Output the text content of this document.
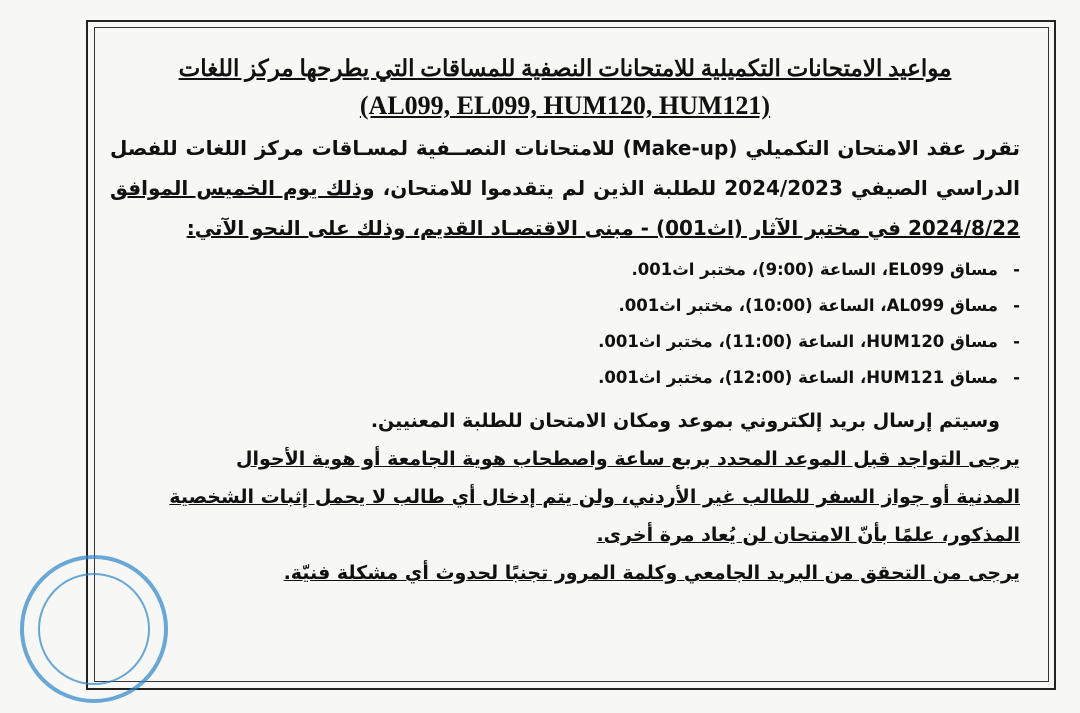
مواعيد الامتحانات التكميلية للامتحانات النصفية للمساقات التي يطرحها مركز اللغات

(AL099, EL099, HUM120, HUM121)

تقرر عقد الامتحان التكميلي (Make-up) للامتحانات النصــفية لمسـاقات مركز اللغات للفصل الدراسي الصيفي 2024/2023 للطلبة الذين لم يتقدموا للامتحان، وذلك يوم الخميس الموافق 2024/8/22 في مختبر الآثار (اث001) - مبنى الاقتصـاد القديم، وذلك على النحو الآتي:

-
مساق EL099، الساعة (9:00)، مختبر اث001.
-
مساق AL099، الساعة (10:00)، مختبر اث001.
-
مساق HUM120، الساعة (11:00)، مختبر اث001.
-
مساق HUM121، الساعة (12:00)، مختبر اث001.

وسيتم إرسال بريد إلكتروني بموعد ومكان الامتحان للطلبة المعنيين.

يرجى التواجد قبل الموعد المحدد بربع ساعة واصطحاب هوية الجامعة أو هوية الأحوال

المدنية أو جواز السفر للطالب غير الأردني، ولن يتم إدخال أي طالب لا يحمل إثبات الشخصية

المذكور، علمًا بأنّ الامتحان لن يُعاد مرة أخرى.

يرجى من التحقق من البريد الجامعي وكلمة المرور تجنبًا لحدوث أي مشكلة فنيّة.
